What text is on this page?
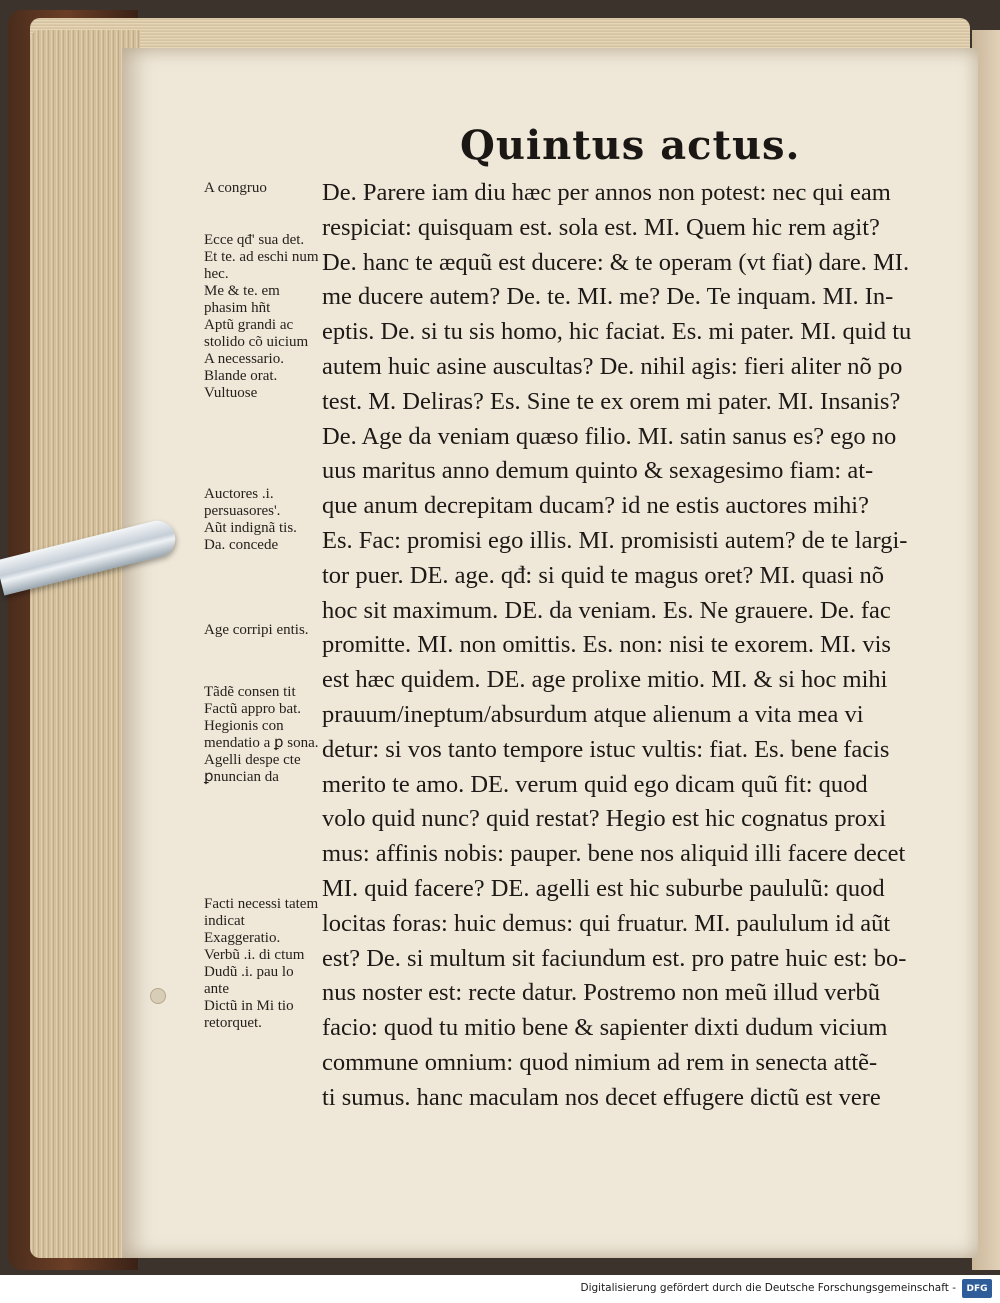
Quintus actus.
A congruo
Ecce qđ' sua det.
Et te. ad eschi num hec.
Me & te. em phasim hñt
Aptũ grandi ac stolido cõ uicium
A necessario.
Blande orat.
Vultuose
Auctores .i. persuasores'.
Aũt indignã tis.
Da. concede
Age corripi entis.
Tãdẽ consen tit
Factũ appro bat.
Hegionis con mendatio a ꝑ sona.
Agelli despe cte ꝑnuncian da
Facti necessi tatem indicat
Exaggeratio.
Verbũ .i. di ctum
Dudũ .i. pau lo ante
Dictũ in Mi tio retorquet.
De. Parere iam diu hæc per annos non potest: nec qui eam
respiciat: quisquam est. sola est. MI. Quem hic rem agit?
De. hanc te æquũ est ducere: & te operam (vt fiat) dare. MI.
me ducere autem? De. te. MI. me? De. Te inquam. MI. In-
eptis. De. si tu sis homo, hic faciat. Es. mi pater. MI. quid tu
autem huic asine auscultas? De. nihil agis: fieri aliter nõ po
test. M. Deliras? Es. Sine te ex orem mi pater. MI. Insanis?
De. Age da veniam quæso filio. MI. satin sanus es? ego no
uus maritus anno demum quinto & sexagesimo fiam: at-
que anum decrepitam ducam? id ne estis auctores mihi?
Es. Fac: promisi ego illis. MI. promisisti autem? de te largi-
tor puer. DE. age. qđ: si quid te magus oret? MI. quasi nõ
hoc sit maximum. DE. da veniam. Es. Ne grauere. De. fac
promitte. MI. non omittis. Es. non: nisi te exorem. MI. vis
est hæc quidem. DE. age prolixe mitio. MI. & si hoc mihi
prauum/ineptum/absurdum atque alienum a vita mea vi
detur: si vos tanto tempore istuc vultis: fiat. Es. bene facis
merito te amo. DE. verum quid ego dicam quũ fit: quod
volo quid nunc? quid restat? Hegio est hic cognatus proxi
mus: affinis nobis: pauper. bene nos aliquid illi facere decet
MI. quid facere? DE. agelli est hic suburbe paululũ: quod
locitas foras: huic demus: qui fruatur. MI. paululum id aũt
est? De. si multum sit faciundum est. pro patre huic est: bo-
nus noster est: recte datur. Postremo non meũ illud verbũ
facio: quod tu mitio bene & sapienter dixti dudum vicium
commune omnium: quod nimium ad rem in senecta attẽ-
ti sumus. hanc maculam nos decet effugere dictũ est vere
Digitalisierung gefördert durch die Deutsche Forschungsgemeinschaft -	DFG
